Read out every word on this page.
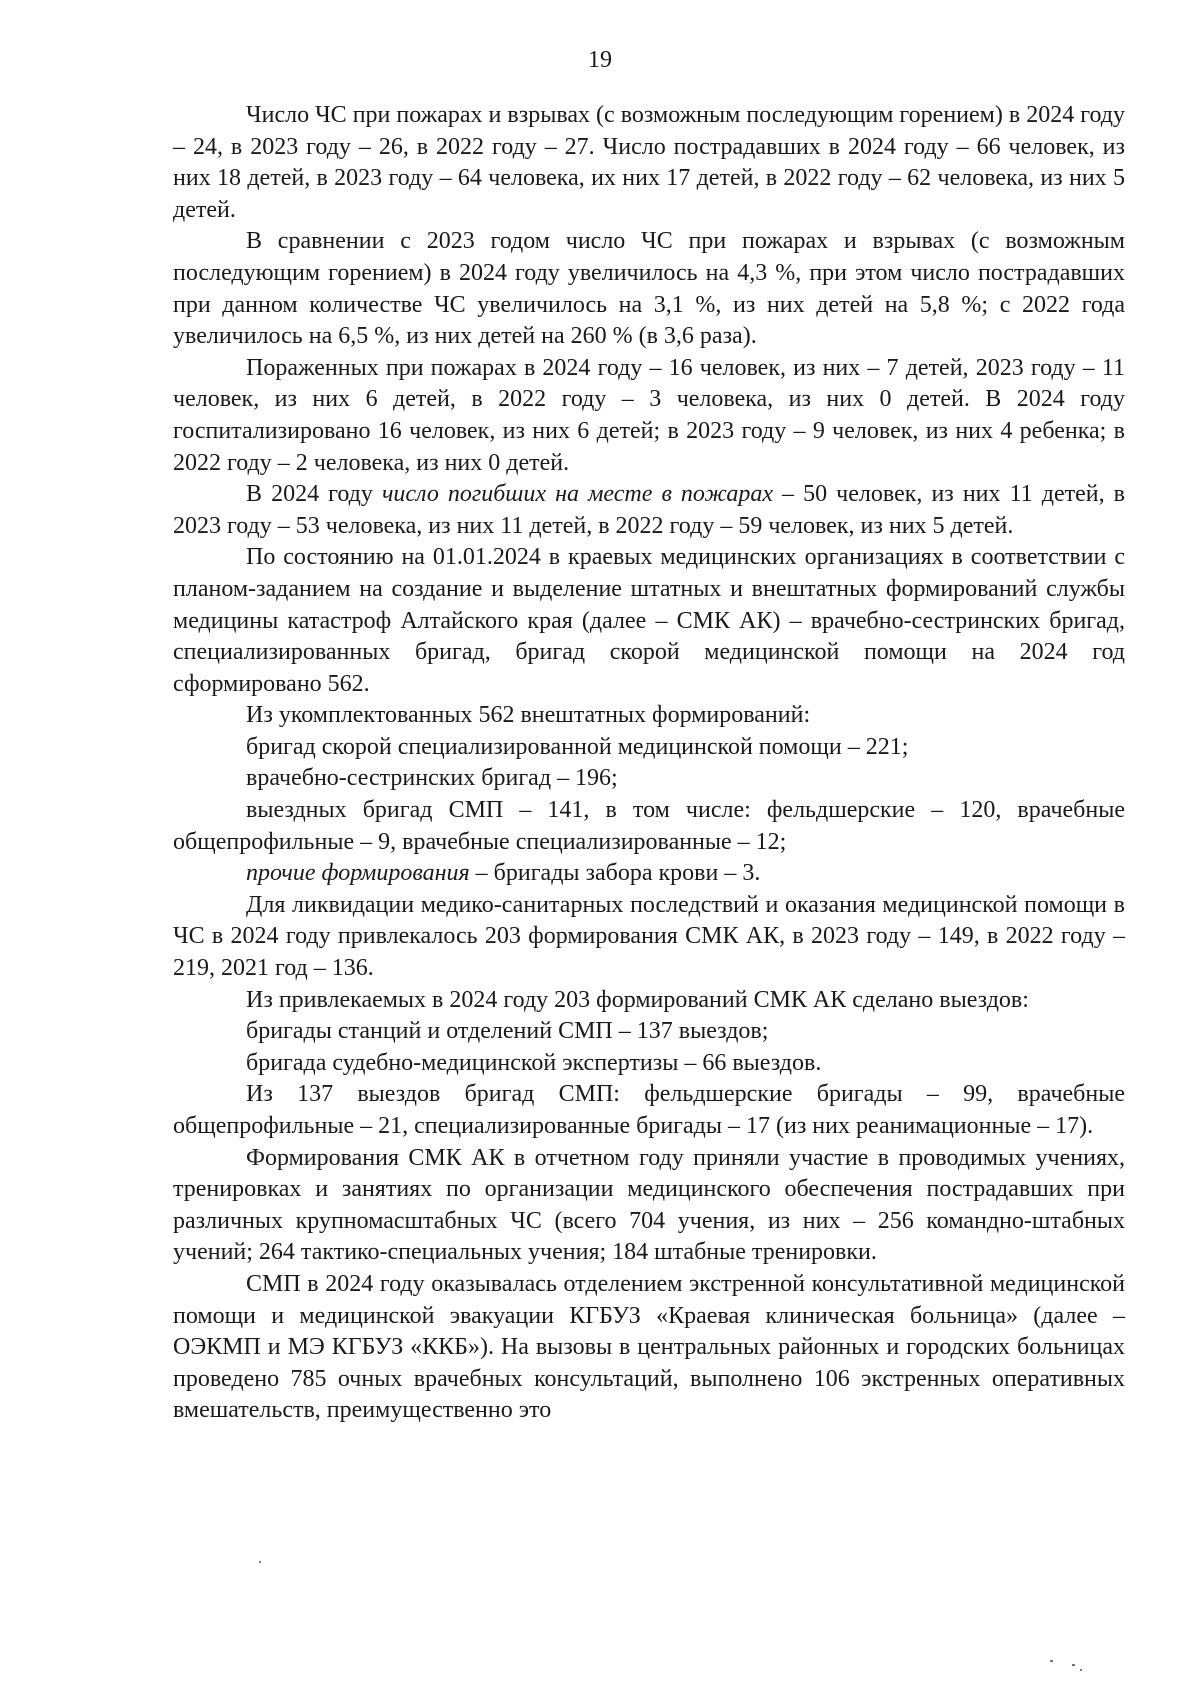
19

Число ЧС при пожарах и взрывах (с возможным последующим горением) в 2024 году – 24, в 2023 году – 26, в 2022 году – 27. Число пострадавших в 2024 году – 66 человек, из них 18 детей, в 2023 году – 64 человека, их них 17 детей, в 2022 году – 62 человека, из них 5 детей.

В сравнении с 2023 годом число ЧС при пожарах и взрывах (с возможным последующим горением) в 2024 году увеличилось на 4,3 %, при этом число пострадавших при данном количестве ЧС увеличилось на 3,1 %, из них детей на 5,8 %; с 2022 года увеличилось на 6,5 %, из них детей на 260 % (в 3,6 раза).

Пораженных при пожарах в 2024 году – 16 человек, из них – 7 детей, 2023 году – 11 человек, из них 6 детей, в 2022 году – 3 человека, из них 0 детей. В 2024 году госпитализировано 16 человек, из них 6 детей; в 2023 году – 9 человек, из них 4 ребенка; в 2022 году – 2 человека, из них 0 детей.

В 2024 году число погибших на месте в пожарах – 50 человек, из них 11 детей, в 2023 году – 53 человека, из них 11 детей, в 2022 году – 59 человек, из них 5 детей.

По состоянию на 01.01.2024 в краевых медицинских организациях в соответствии с планом-заданием на создание и выделение штатных и внештатных формирований службы медицины катастроф Алтайского края (далее – СМК АК) – врачебно-сестринских бригад, специализированных бригад, бригад скорой медицинской помощи на 2024 год сформировано 562.

Из укомплектованных 562 внештатных формирований:

бригад скорой специализированной медицинской помощи – 221;

врачебно-сестринских бригад – 196;

выездных бригад СМП – 141, в том числе: фельдшерские – 120, врачебные общепрофильные – 9, врачебные специализированные – 12;

прочие формирования – бригады забора крови – 3.

Для ликвидации медико-санитарных последствий и оказания медицинской помощи в ЧС в 2024 году привлекалось 203 формирования СМК АК, в 2023 году – 149, в 2022 году – 219, 2021 год – 136.

Из привлекаемых в 2024 году 203 формирований СМК АК сделано выездов:

бригады станций и отделений СМП – 137 выездов;

бригада судебно-медицинской экспертизы – 66 выездов.

Из 137 выездов бригад СМП: фельдшерские бригады – 99, врачебные общепрофильные – 21, специализированные бригады – 17 (из них реанимационные – 17).

Формирования СМК АК в отчетном году приняли участие в проводимых учениях, тренировках и занятиях по организации медицинского обеспечения пострадавших при различных крупномасштабных ЧС (всего 704 учения, из них – 256 командно-штабных учений; 264 тактико-специальных учения; 184 штабные тренировки.

СМП в 2024 году оказывалась отделением экстренной консультативной медицинской помощи и медицинской эвакуации КГБУЗ «Краевая клиническая больница» (далее – ОЭКМП и МЭ КГБУЗ «ККБ»). На вызовы в центральных районных и городских больницах проведено 785 очных врачебных консультаций, выполнено 106 экстренных оперативных вмешательств, преимущественно это
